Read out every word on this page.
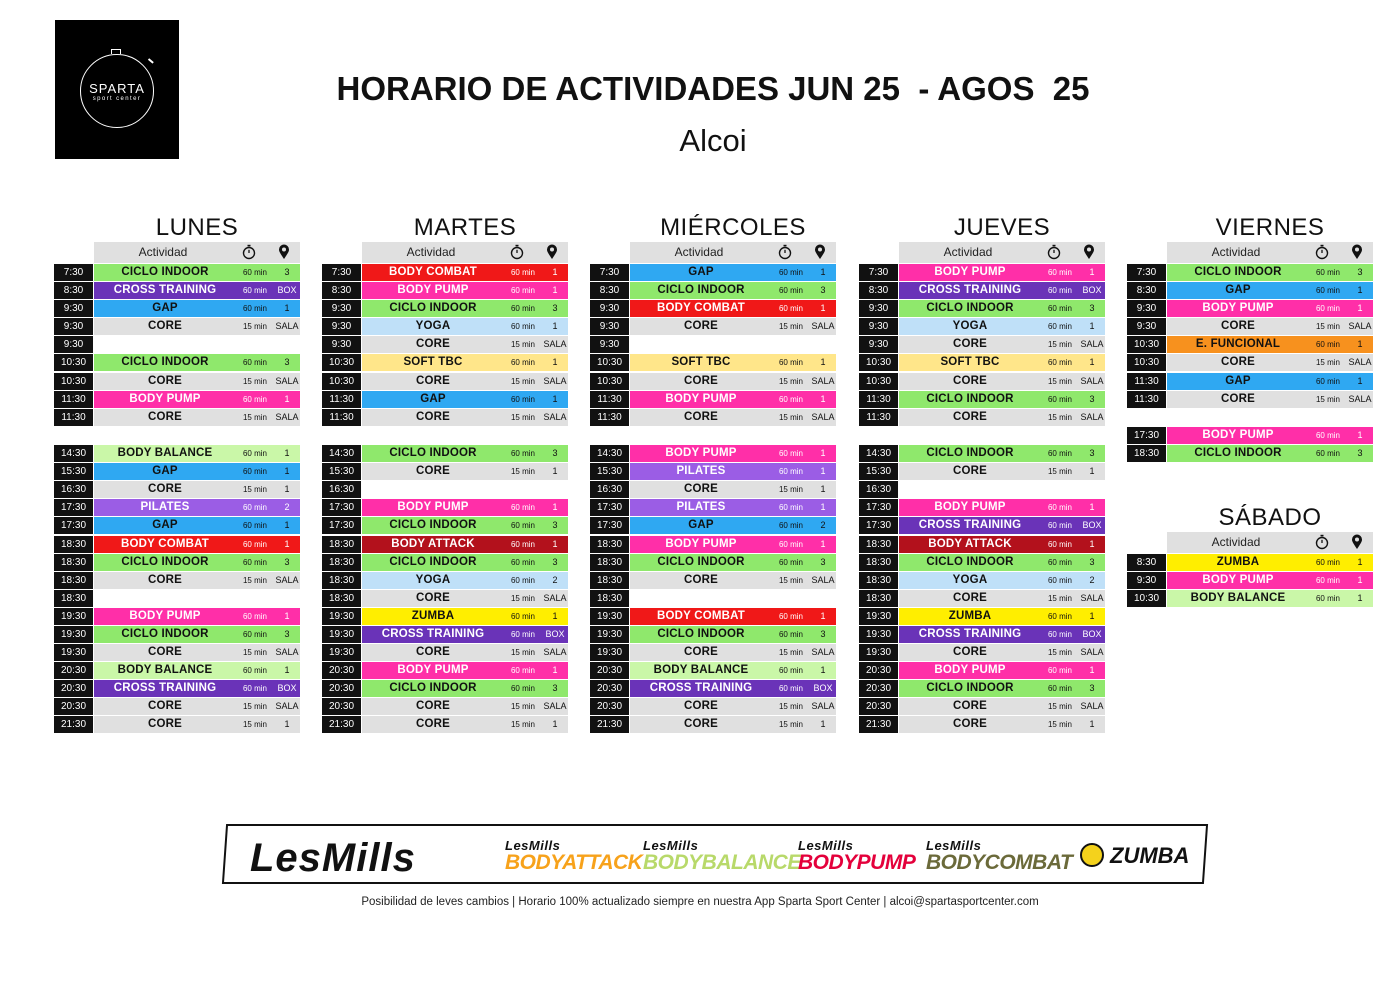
SPARTA
sport center	HORARIO DE ACTIVIDADES JUN 25  - AGOS  25
Alcoi
LUNES
Actividad
7:30	CICLO INDOOR	60 min	3
8:30	CROSS TRAINING	60 min	BOX
9:30	GAP	60 min	1
9:30	CORE	15 min SALA
9:30
10:30	CICLO INDOOR	60 min	3
10:30	CORE	15 min SALA
11:30	BODY PUMP	60 min	1
11:30	CORE	15 min SALA
14:30	BODY BALANCE	60 min	1
15:30	GAP	60 min	1
16:30	CORE	15 min	1
17:30	PILATES	60 min	2
17:30	GAP	60 min	1
18:30	BODY COMBAT	60 min	1
18:30	CICLO INDOOR	60 min	3
18:30	CORE	15 min SALA
18:30
19:30	BODY PUMP	60 min	1
19:30	CICLO INDOOR	60 min	3
19:30	CORE	15 min SALA
20:30	BODY BALANCE	60 min	1
20:30	CROSS TRAINING	60 min	BOX
20:30	CORE	15 min SALA
21:30	CORE	15 min	1
MARTES
Actividad
7:30	BODY COMBAT	60 min	1
8:30	BODY PUMP	60 min	1
9:30	CICLO INDOOR	60 min	3
9:30	YOGA	60 min	1
9:30	CORE	15 min SALA
10:30	SOFT TBC	60 min	1
10:30	CORE	15 min SALA
11:30	GAP	60 min	1
11:30	CORE	15 min SALA
14:30	CICLO INDOOR	60 min	3
15:30	CORE	15 min	1
16:30
17:30	BODY PUMP	60 min	1
17:30	CICLO INDOOR	60 min	3
18:30	BODY ATTACK	60 min	1
18:30	CICLO INDOOR	60 min	3
18:30	YOGA	60 min	2
18:30	CORE	15 min SALA
19:30	ZUMBA	60 min	1
19:30	CROSS TRAINING	60 min	BOX
19:30	CORE	15 min SALA
20:30	BODY PUMP	60 min	1
20:30	CICLO INDOOR	60 min	3
20:30	CORE	15 min SALA
21:30	CORE	15 min	1
MIÉRCOLES
Actividad
7:30	GAP	60 min	1
8:30	CICLO INDOOR	60 min	3
9:30	BODY COMBAT	60 min	1
9:30	CORE	15 min SALA
9:30
10:30	SOFT TBC	60 min	1
10:30	CORE	15 min SALA
11:30	BODY PUMP	60 min	1
11:30	CORE	15 min SALA
14:30	BODY PUMP	60 min	1
15:30	PILATES	60 min	1
16:30	CORE	15 min	1
17:30	PILATES	60 min	1
17:30	GAP	60 min	2
18:30	BODY PUMP	60 min	1
18:30	CICLO INDOOR	60 min	3
18:30	CORE	15 min SALA
18:30
19:30	BODY COMBAT	60 min	1
19:30	CICLO INDOOR	60 min	3
19:30	CORE	15 min SALA
20:30	BODY BALANCE	60 min	1
20:30	CROSS TRAINING	60 min	BOX
20:30	CORE	15 min SALA
21:30	CORE	15 min	1
JUEVES
Actividad
7:30	BODY PUMP	60 min	1
8:30	CROSS TRAINING	60 min	BOX
9:30	CICLO INDOOR	60 min	3
9:30	YOGA	60 min	1
9:30	CORE	15 min SALA
10:30	SOFT TBC	60 min	1
10:30	CORE	15 min SALA
11:30	CICLO INDOOR	60 min	3
11:30	CORE	15 min SALA
14:30	CICLO INDOOR	60 min	3
15:30	CORE	15 min	1
16:30
17:30	BODY PUMP	60 min	1
17:30	CROSS TRAINING	60 min	BOX
18:30	BODY ATTACK	60 min	1
18:30	CICLO INDOOR	60 min	3
18:30	YOGA	60 min	2
18:30	CORE	15 min SALA
19:30	ZUMBA	60 min	1
19:30	CROSS TRAINING	60 min	BOX
19:30	CORE	15 min SALA
20:30	BODY PUMP	60 min	1
20:30	CICLO INDOOR	60 min	3
20:30	CORE	15 min SALA
21:30	CORE	15 min	1
VIERNES
Actividad
7:30	CICLO INDOOR	60 min	3
8:30	GAP	60 min	1
9:30	BODY PUMP	60 min	1
9:30	CORE	15 min SALA
10:30	E. FUNCIONAL	60 min	1
10:30	CORE	15 min SALA
11:30	GAP	60 min	1
11:30	CORE	15 min SALA
17:30	BODY PUMP	60 min	1
18:30	CICLO INDOOR	60 min	3
SÁBADO
Actividad
8:30	ZUMBA	60 min	1
9:30	BODY PUMP	60 min	1
10:30	BODY BALANCE	60 min	1
LesMills	LesMills
BODYATTACK
LesMills
BODYBALANCE
LesMills
BODYPUMP
LesMills
BODYCOMBAT	ZUMBA
Posibilidad de leves cambios | Horario 100% actualizado siempre en nuestra App Sparta Sport Center | alcoi@spartasportcenter.com
